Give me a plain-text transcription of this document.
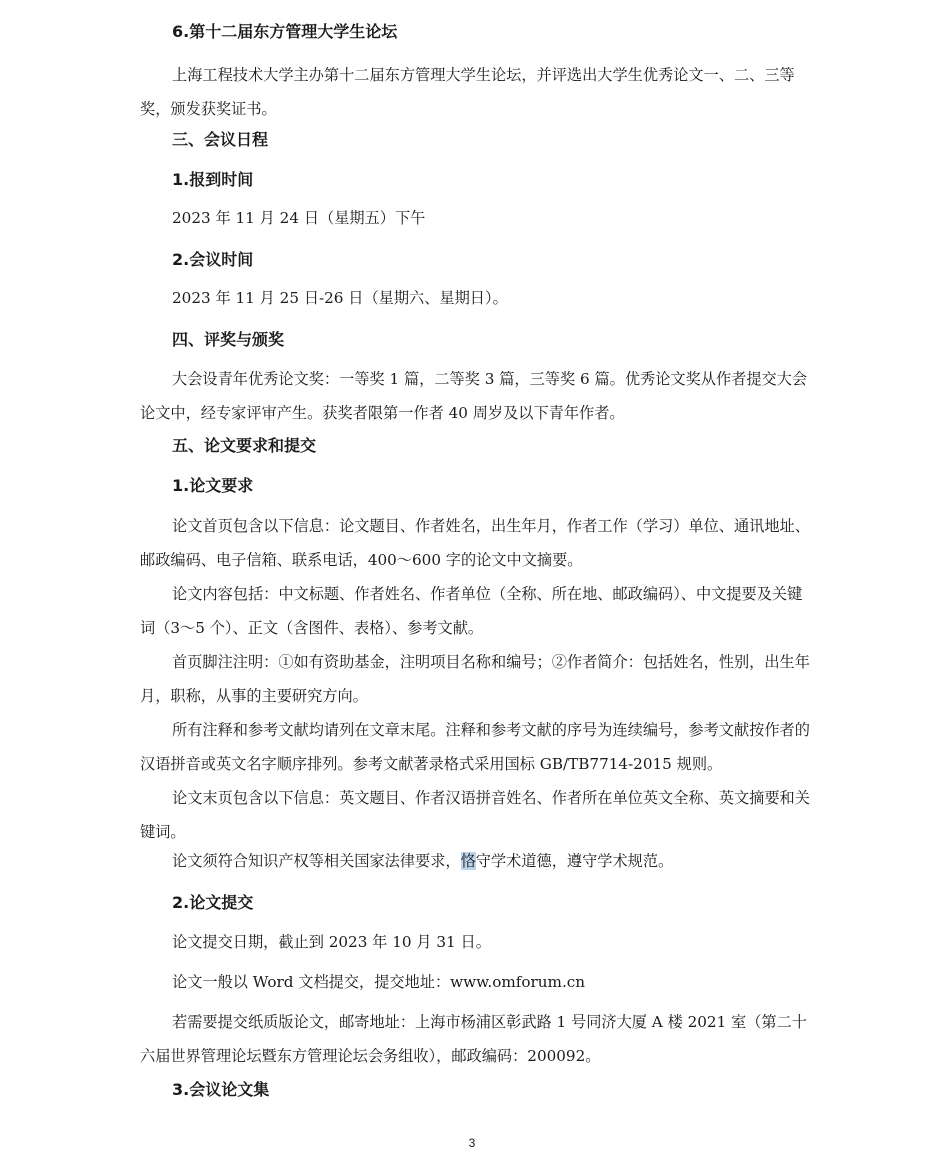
6.第十二届东方管理大学生论坛
上海工程技术大学主办第十二届东方管理大学生论坛，并评选出大学生优秀论文一、二、三等奖，颁发获奖证书。
三、会议日程
1.报到时间
2023 年 11 月 24 日（星期五）下午
2.会议时间
2023 年 11 月 25 日-26 日（星期六、星期日）。
四、评奖与颁奖
大会设青年优秀论文奖：一等奖 1 篇，二等奖 3 篇，三等奖 6 篇。优秀论文奖从作者提交大会论文中，经专家评审产生。获奖者限第一作者 40 周岁及以下青年作者。
五、论文要求和提交
1.论文要求
论文首页包含以下信息：论文题目、作者姓名，出生年月，作者工作（学习）单位、通讯地址、邮政编码、电子信箱、联系电话，400～600 字的论文中文摘要。
论文内容包括：中文标题、作者姓名、作者单位（全称、所在地、邮政编码）、中文提要及关键词（3～5 个）、正文（含图件、表格）、参考文献。
首页脚注注明：①如有资助基金，注明项目名称和编号；②作者简介：包括姓名，性别，出生年月，职称，从事的主要研究方向。
所有注释和参考文献均请列在文章末尾。注释和参考文献的序号为连续编号，参考文献按作者的汉语拼音或英文名字顺序排列。参考文献著录格式采用国标 GB/TB7714-2015 规则。
论文末页包含以下信息：英文题目、作者汉语拼音姓名、作者所在单位英文全称、英文摘要和关键词。
论文须符合知识产权等相关国家法律要求，恪守学术道德，遵守学术规范。
2.论文提交
论文提交日期，截止到 2023 年 10 月 31 日。
论文一般以 Word 文档提交，提交地址：www.omforum.cn
若需要提交纸质版论文，邮寄地址：上海市杨浦区彰武路 1 号同济大厦 A 楼 2021 室（第二十六届世界管理论坛暨东方管理论坛会务组收），邮政编码：200092。
3.会议论文集
3
